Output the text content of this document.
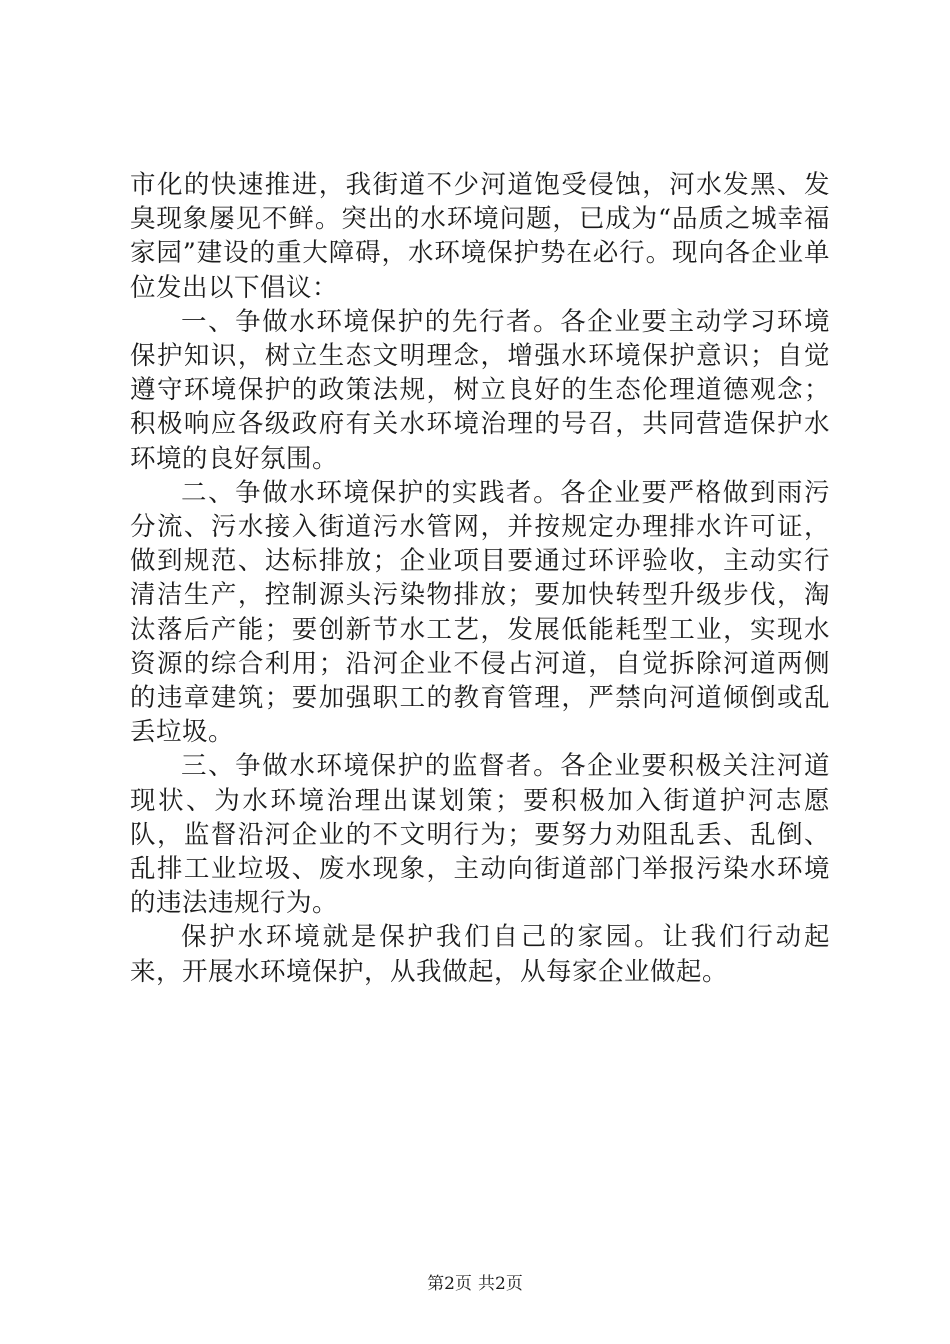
市化的快速推进，我街道不少河道饱受侵蚀，河水发黑、发臭现象屡见不鲜。突出的水环境问题，已成为“品质之城幸福家园”建设的重大障碍，水环境保护势在必行。现向各企业单位发出以下倡议：

一、争做水环境保护的先行者。各企业要主动学习环境保护知识，树立生态文明理念，增强水环境保护意识；自觉遵守环境保护的政策法规，树立良好的生态伦理道德观念；积极响应各级政府有关水环境治理的号召，共同营造保护水环境的良好氛围。

二、争做水环境保护的实践者。各企业要严格做到雨污分流、污水接入街道污水管网，并按规定办理排水许可证，做到规范、达标排放；企业项目要通过环评验收，主动实行清洁生产，控制源头污染物排放；要加快转型升级步伐，淘汰落后产能；要创新节水工艺，发展低能耗型工业，实现水资源的综合利用；沿河企业不侵占河道，自觉拆除河道两侧的违章建筑；要加强职工的教育管理，严禁向河道倾倒或乱丢垃圾。

三、争做水环境保护的监督者。各企业要积极关注河道现状、为水环境治理出谋划策；要积极加入街道护河志愿队，监督沿河企业的不文明行为；要努力劝阻乱丢、乱倒、乱排工业垃圾、废水现象，主动向街道部门举报污染水环境的违法违规行为。

保护水环境就是保护我们自己的家园。让我们行动起来，开展水环境保护，从我做起，从每家企业做起。

第2页 共2页
